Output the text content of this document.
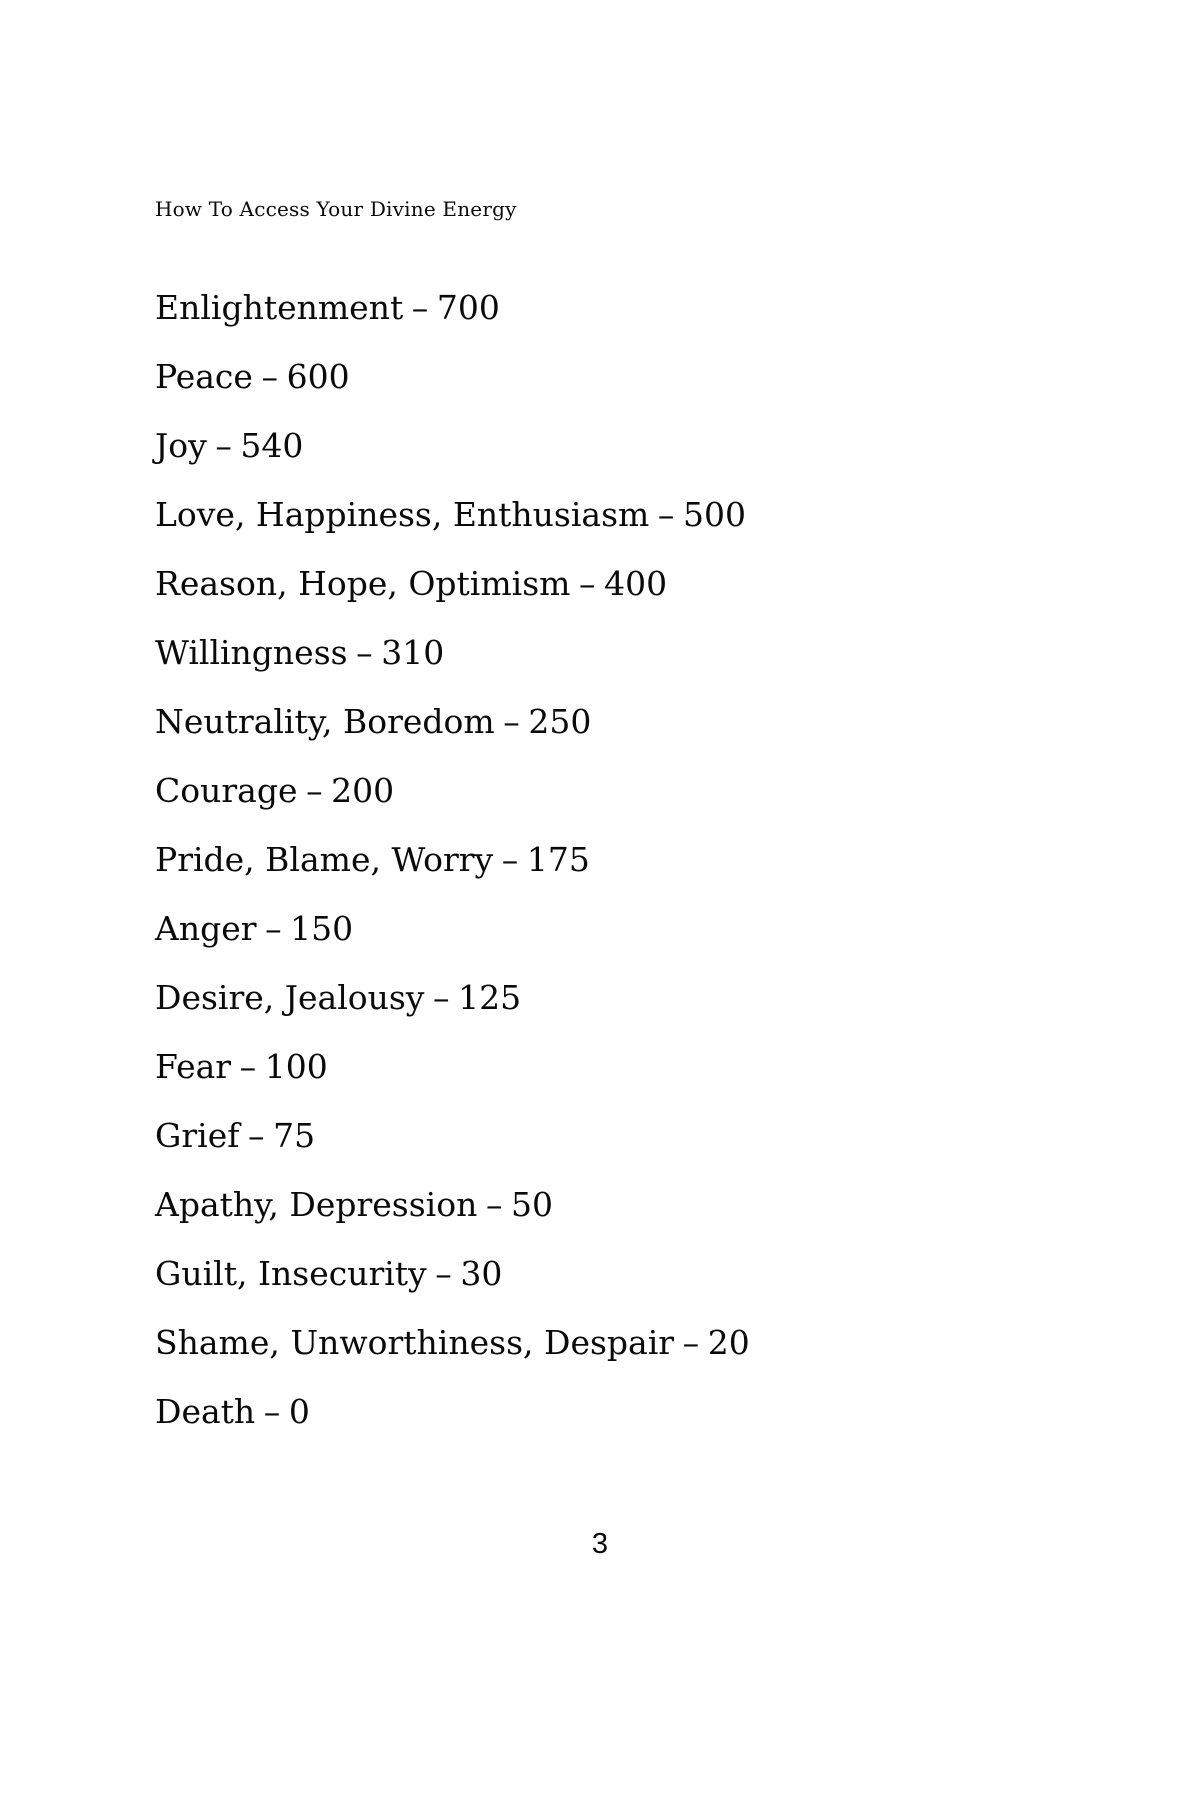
How To Access Your Divine Energy
Enlightenment – 700
Peace – 600
Joy – 540
Love, Happiness, Enthusiasm – 500
Reason, Hope, Optimism – 400
Willingness – 310
Neutrality, Boredom – 250
Courage – 200
Pride, Blame, Worry – 175
Anger – 150
Desire, Jealousy – 125
Fear – 100
Grief – 75
Apathy, Depression – 50
Guilt, Insecurity – 30
Shame, Unworthiness, Despair – 20
Death – 0
3
